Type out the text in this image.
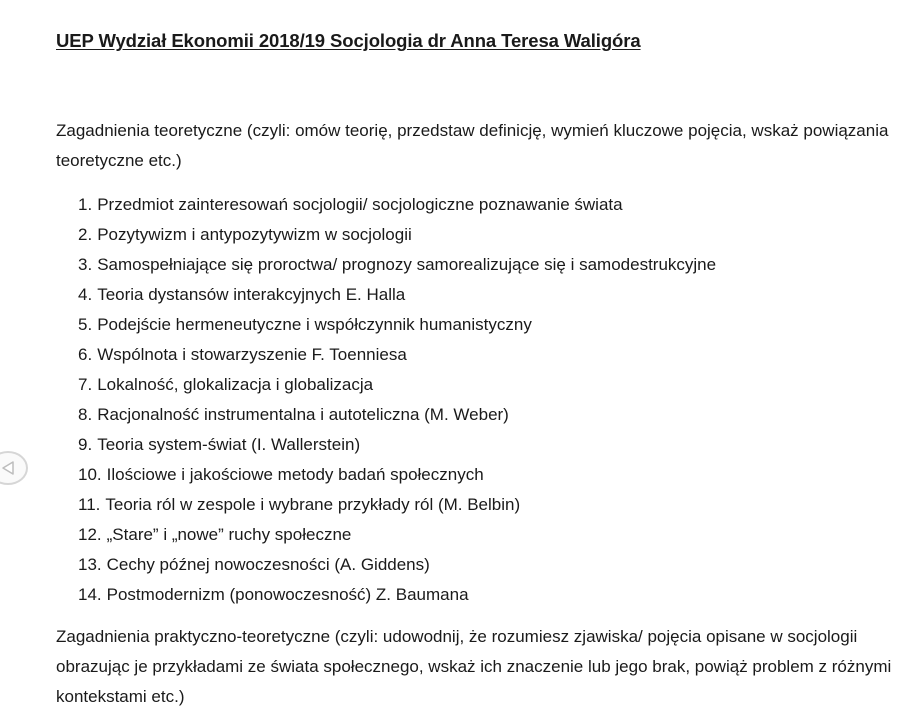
UEP Wydział Ekonomii 2018/19 Socjologia dr Anna Teresa Waligóra

Zagadnienia teoretyczne (czyli: omów teorię, przedstaw definicję, wymień kluczowe pojęcia, wskaż powiązania teoretyczne etc.)

1. Przedmiot zainteresowań socjologii/ socjologiczne poznawanie świata
2. Pozytywizm i antypozytywizm w socjologii
3. Samospełniające się proroctwa/ prognozy samorealizujące się i samodestrukcyjne
4. Teoria dystansów interakcyjnych E. Halla
5. Podejście hermeneutyczne i współczynnik humanistyczny
6. Wspólnota i stowarzyszenie F. Toenniesa
7. Lokalność, glokalizacja i globalizacja
8. Racjonalność instrumentalna i autoteliczna (M. Weber)
9. Teoria system-świat (I. Wallerstein)
10. Ilościowe i jakościowe metody badań społecznych
11. Teoria ról w zespole i wybrane przykłady ról (M. Belbin)
12. „Stare” i „nowe” ruchy społeczne
13. Cechy późnej nowoczesności (A. Giddens)
14. Postmodernizm (ponowoczesność) Z. Baumana

Zagadnienia praktyczno-teoretyczne (czyli: udowodnij, że rozumiesz zjawiska/ pojęcia opisane w socjologii obrazując je przykładami ze świata społecznego, wskaż ich znaczenie lub jego brak, powiąż problem z różnymi kontekstami etc.)
